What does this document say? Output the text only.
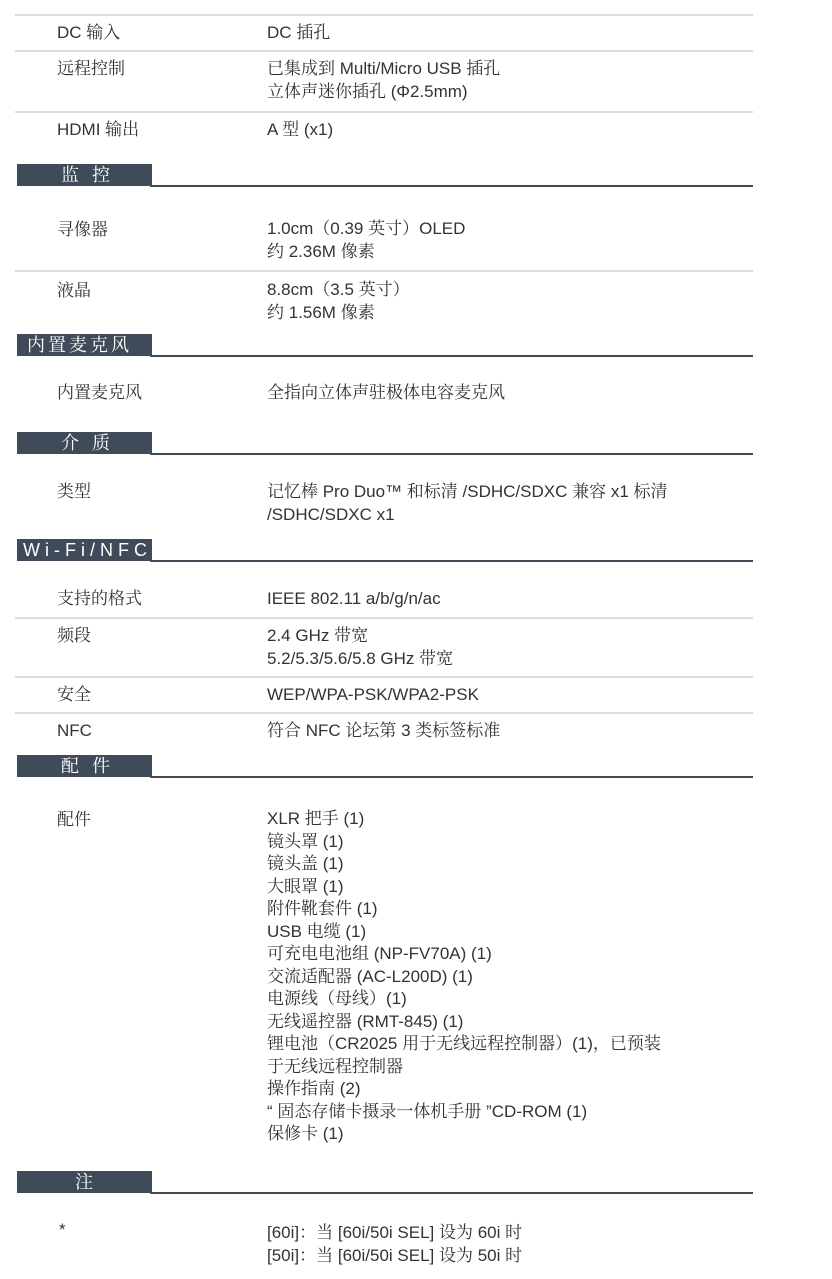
DC 输入	DC 插孔
远程控制	已集成到 Multi/Micro USB 插孔
立体声迷你插孔 (Φ2.5mm)
HDMI 输出	A 型 (x1)
监 控
寻像器	1.0cm（0.39 英寸）OLED
约 2.36M 像素
液晶	8.8cm（3.5 英寸）
约 1.56M 像素
内置麦克风
内置麦克风	全指向立体声驻极体电容麦克风
介 质
类型	记忆棒 Pro Duo™ 和标清 /SDHC/SDXC 兼容 x1 标清
/SDHC/SDXC x1
Wi-Fi/NFC
支持的格式	IEEE 802.11 a/b/g/n/ac
频段	2.4 GHz 带宽
5.2/5.3/5.6/5.8 GHz 带宽
安全	WEP/WPA-PSK/WPA2-PSK
NFC	符合 NFC 论坛第 3 类标签标准
配 件
配件	XLR 把手 (1)
镜头罩 (1)
镜头盖 (1)
大眼罩 (1)
附件靴套件 (1)
USB 电缆 (1)
可充电电池组 (NP-FV70A) (1)
交流适配器 (AC-L200D) (1)
电源线（母线）(1)
无线遥控器 (RMT-845) (1)
锂电池（CR2025 用于无线远程控制器）(1)，已预装
于无线远程控制器
操作指南 (2)
“ 固态存储卡摄录一体机手册 ”CD-ROM (1)
保修卡 (1)
注
*	[60i]：当 [60i/50i SEL] 设为 60i 时
[50i]：当 [60i/50i SEL] 设为 50i 时
